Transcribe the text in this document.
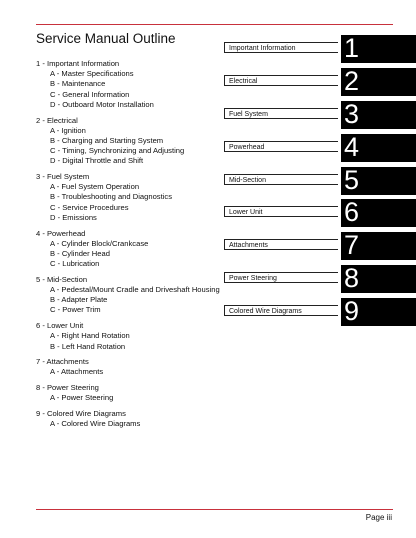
Service Manual Outline
1 - Important Information
A - Master Specifications
B - Maintenance
C - General Information
D - Outboard Motor Installation
2 - Electrical
A - Ignition
B - Charging and Starting System
C - Timing, Synchronizing and Adjusting
D - Digital Throttle and Shift
3 - Fuel System
A - Fuel System Operation
B - Troubleshooting and Diagnostics
C - Service Procedures
D - Emissions
4 - Powerhead
A - Cylinder Block/Crankcase
B - Cylinder Head
C - Lubrication
5 - Mid-Section
A - Pedestal/Mount Cradle and Driveshaft Housing
B - Adapter Plate
C - Power Trim
6 - Lower Unit
A - Right Hand Rotation
B - Left Hand Rotation
7 - Attachments
A - Attachments
8 - Power Steering
A - Power Steering
9 - Colored Wire Diagrams
A - Colored Wire Diagrams
Important Information	1
Electrical	2
Fuel System	3
Powerhead	4
Mid-Section	5
Lower Unit	6
Attachments	7
Power Steering	8
Colored Wire Diagrams	9
Page iii
